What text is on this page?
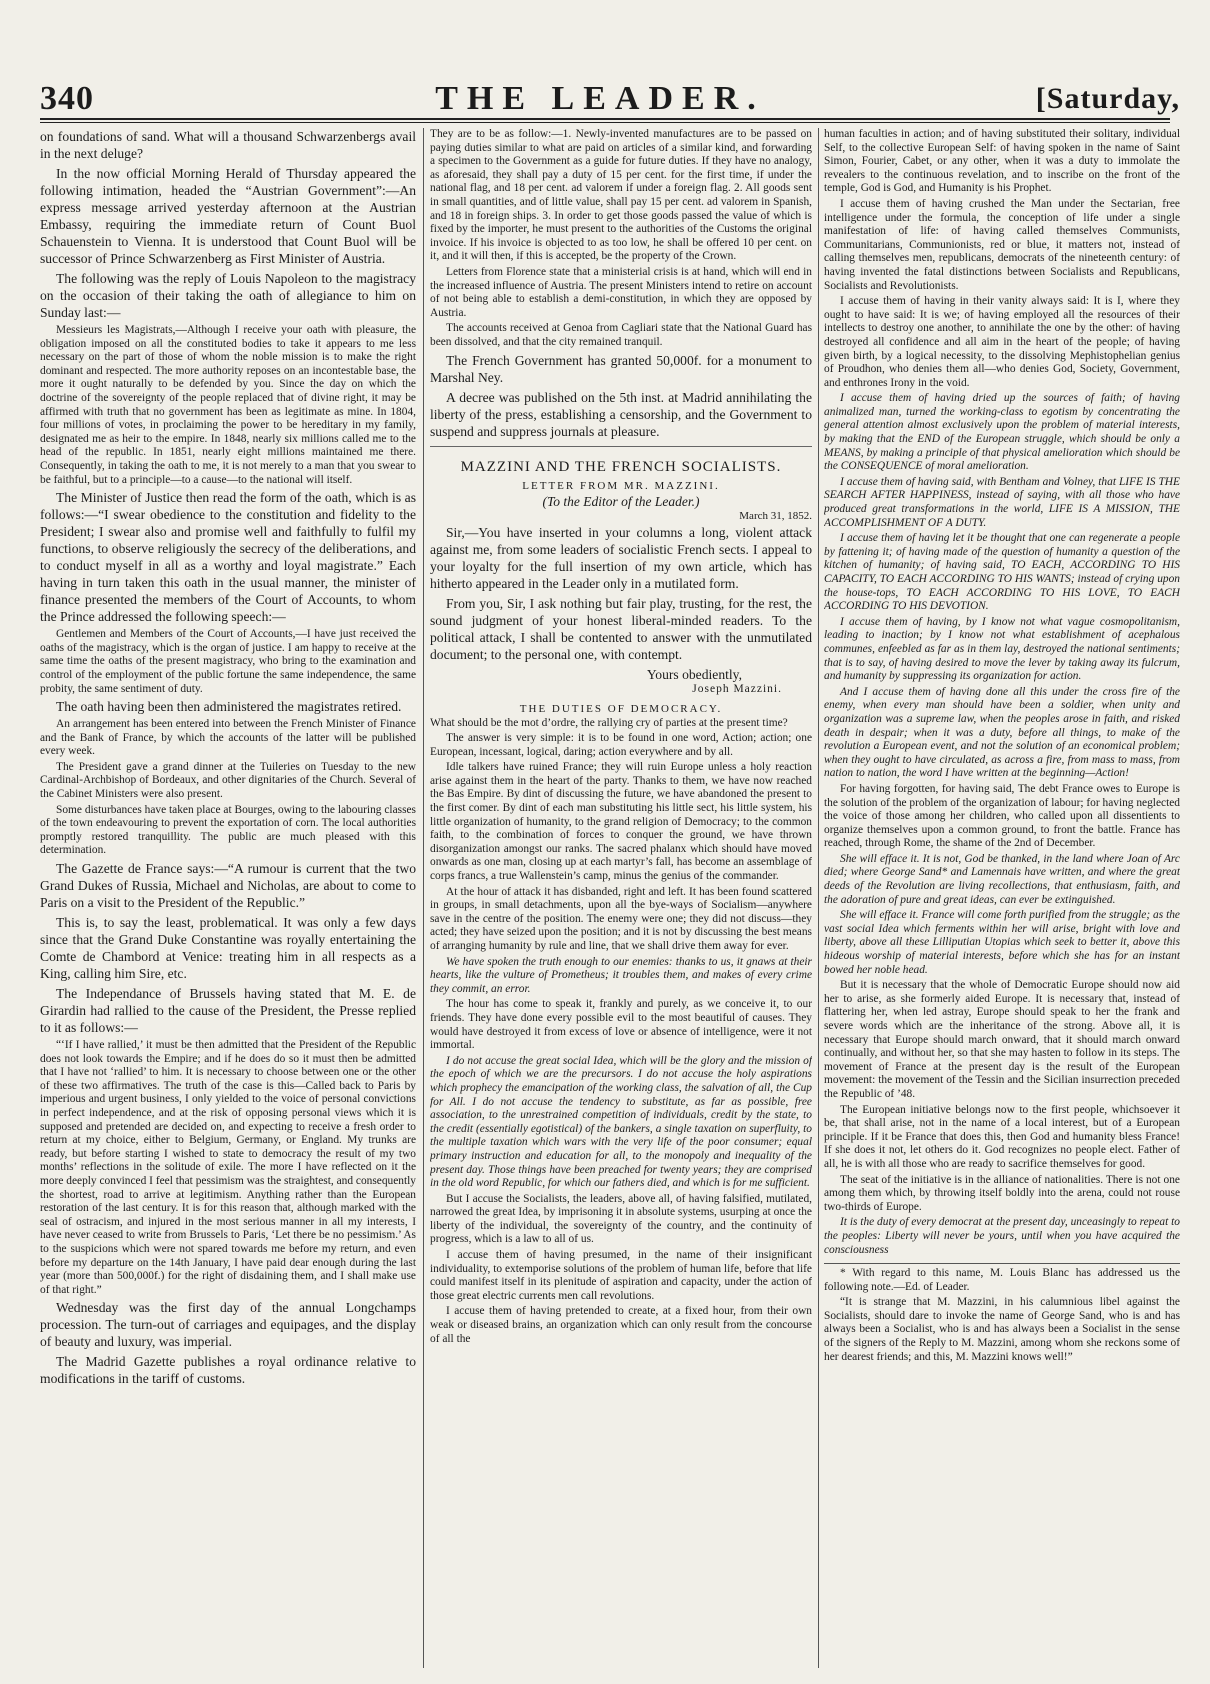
340	THE LEADER.	[Saturday,

on foundations of sand. What will a thousand Schwarzenbergs avail in the next deluge?

In the now official Morning Herald of Thursday appeared the following intimation, headed the “Austrian Government”:—An express message arrived yesterday afternoon at the Austrian Embassy, requiring the immediate return of Count Buol Schauenstein to Vienna. It is understood that Count Buol will be successor of Prince Schwarzenberg as First Minister of Austria.

The following was the reply of Louis Napoleon to the magistracy on the occasion of their taking the oath of allegiance to him on Sunday last:—

Messieurs les Magistrats,—Although I receive your oath with pleasure, the obligation imposed on all the constituted bodies to take it appears to me less necessary on the part of those of whom the noble mission is to make the right dominant and respected. The more authority reposes on an incontestable base, the more it ought naturally to be defended by you. Since the day on which the doctrine of the sovereignty of the people replaced that of divine right, it may be affirmed with truth that no government has been as legitimate as mine. In 1804, four millions of votes, in proclaiming the power to be hereditary in my family, designated me as heir to the empire. In 1848, nearly six millions called me to the head of the republic. In 1851, nearly eight millions maintained me there. Consequently, in taking the oath to me, it is not merely to a man that you swear to be faithful, but to a principle—to a cause—to the national will itself.

The Minister of Justice then read the form of the oath, which is as follows:—“I swear obedience to the constitution and fidelity to the President; I swear also and promise well and faithfully to fulfil my functions, to observe religiously the secrecy of the deliberations, and to conduct myself in all as a worthy and loyal magistrate.” Each having in turn taken this oath in the usual manner, the minister of finance presented the members of the Court of Accounts, to whom the Prince addressed the following speech:—

Gentlemen and Members of the Court of Accounts,—I have just received the oaths of the magistracy, which is the organ of justice. I am happy to receive at the same time the oaths of the present magistracy, who bring to the examination and control of the employment of the public fortune the same independence, the same probity, the same sentiment of duty.

The oath having been then administered the magistrates retired.

An arrangement has been entered into between the French Minister of Finance and the Bank of France, by which the accounts of the latter will be published every week.

The President gave a grand dinner at the Tuileries on Tuesday to the new Cardinal-Archbishop of Bordeaux, and other dignitaries of the Church. Several of the Cabinet Ministers were also present.

Some disturbances have taken place at Bourges, owing to the labouring classes of the town endeavouring to prevent the exportation of corn. The local authorities promptly restored tranquillity. The public are much pleased with this determination.

The Gazette de France says:—“A rumour is current that the two Grand Dukes of Russia, Michael and Nicholas, are about to come to Paris on a visit to the President of the Republic.”

This is, to say the least, problematical. It was only a few days since that the Grand Duke Constantine was royally entertaining the Comte de Chambord at Venice: treating him in all respects as a King, calling him Sire, etc.

The Independance of Brussels having stated that M. E. de Girardin had rallied to the cause of the President, the Presse replied to it as follows:—

“‘If I have rallied,’ it must be then admitted that the President of the Republic does not look towards the Empire; and if he does do so it must then be admitted that I have not ‘rallied’ to him. It is necessary to choose between one or the other of these two affirmatives. The truth of the case is this—Called back to Paris by imperious and urgent business, I only yielded to the voice of personal convictions in perfect independence, and at the risk of opposing personal views which it is supposed and pretended are decided on, and expecting to receive a fresh order to return at my choice, either to Belgium, Germany, or England. My trunks are ready, but before starting I wished to state to democracy the result of my two months’ reflections in the solitude of exile. The more I have reflected on it the more deeply convinced I feel that pessimism was the straightest, and consequently the shortest, road to arrive at legitimism. Anything rather than the European restoration of the last century. It is for this reason that, although marked with the seal of ostracism, and injured in the most serious manner in all my interests, I have never ceased to write from Brussels to Paris, ‘Let there be no pessimism.’ As to the suspicions which were not spared towards me before my return, and even before my departure on the 14th January, I have paid dear enough during the last year (more than 500,000f.) for the right of disdaining them, and I shall make use of that right.”

Wednesday was the first day of the annual Longchamps procession. The turn-out of carriages and equipages, and the display of beauty and luxury, was imperial.

The Madrid Gazette publishes a royal ordinance relative to modifications in the tariff of customs.

They are to be as follow:—1. Newly-invented manufactures are to be passed on paying duties similar to what are paid on articles of a similar kind, and forwarding a specimen to the Government as a guide for future duties. If they have no analogy, as aforesaid, they shall pay a duty of 15 per cent. for the first time, if under the national flag, and 18 per cent. ad valorem if under a foreign flag. 2. All goods sent in small quantities, and of little value, shall pay 15 per cent. ad valorem in Spanish, and 18 in foreign ships. 3. In order to get those goods passed the value of which is fixed by the importer, he must present to the authorities of the Customs the original invoice. If his invoice is objected to as too low, he shall be offered 10 per cent. on it, and it will then, if this is accepted, be the property of the Crown.

Letters from Florence state that a ministerial crisis is at hand, which will end in the increased influence of Austria. The present Ministers intend to retire on account of not being able to establish a demi-constitution, in which they are opposed by Austria.

The accounts received at Genoa from Cagliari state that the National Guard has been dissolved, and that the city remained tranquil.

The French Government has granted 50,000f. for a monument to Marshal Ney.

A decree was published on the 5th inst. at Madrid annihilating the liberty of the press, establishing a censorship, and the Government to suspend and suppress journals at pleasure.

MAZZINI AND THE FRENCH SOCIALISTS.

LETTER FROM MR. MAZZINI.

(To the Editor of the Leader.)

March 31, 1852.

Sir,—You have inserted in your columns a long, violent attack against me, from some leaders of socialistic French sects. I appeal to your loyalty for the full insertion of my own article, which has hitherto appeared in the Leader only in a mutilated form.

From you, Sir, I ask nothing but fair play, trusting, for the rest, the sound judgment of your honest liberal-minded readers. To the political attack, I shall be contented to answer with the unmutilated document; to the personal one, with contempt.

Yours obediently,

Joseph Mazzini.

THE DUTIES OF DEMOCRACY.

What should be the mot d’ordre, the rallying cry of parties at the present time?

The answer is very simple: it is to be found in one word, Action; action; one European, incessant, logical, daring; action everywhere and by all.

Idle talkers have ruined France; they will ruin Europe unless a holy reaction arise against them in the heart of the party. Thanks to them, we have now reached the Bas Empire. By dint of discussing the future, we have abandoned the present to the first comer. By dint of each man substituting his little sect, his little system, his little organization of humanity, to the grand religion of Democracy; to the common faith, to the combination of forces to conquer the ground, we have thrown disorganization amongst our ranks. The sacred phalanx which should have moved onwards as one man, closing up at each martyr’s fall, has become an assemblage of corps francs, a true Wallenstein’s camp, minus the genius of the commander.

At the hour of attack it has disbanded, right and left. It has been found scattered in groups, in small detachments, upon all the bye-ways of Socialism—anywhere save in the centre of the position. The enemy were one; they did not discuss—they acted; they have seized upon the position; and it is not by discussing the best means of arranging humanity by rule and line, that we shall drive them away for ever.

We have spoken the truth enough to our enemies: thanks to us, it gnaws at their hearts, like the vulture of Prometheus; it troubles them, and makes of every crime they commit, an error.

The hour has come to speak it, frankly and purely, as we conceive it, to our friends. They have done every possible evil to the most beautiful of causes. They would have destroyed it from excess of love or absence of intelligence, were it not immortal.

I do not accuse the great social Idea, which will be the glory and the mission of the epoch of which we are the precursors. I do not accuse the holy aspirations which prophecy the emancipation of the working class, the salvation of all, the Cup for All. I do not accuse the tendency to substitute, as far as possible, free association, to the unrestrained competition of individuals, credit by the state, to the credit (essentially egotistical) of the bankers, a single taxation on superfluity, to the multiple taxation which wars with the very life of the poor consumer; equal primary instruction and education for all, to the monopoly and inequality of the present day. Those things have been preached for twenty years; they are comprised in the old word Republic, for which our fathers died, and which is for me sufficient.

But I accuse the Socialists, the leaders, above all, of having falsified, mutilated, narrowed the great Idea, by imprisoning it in absolute systems, usurping at once the liberty of the individual, the sovereignty of the country, and the continuity of progress, which is a law to all of us.

I accuse them of having presumed, in the name of their insignificant individuality, to extemporise solutions of the problem of human life, before that life could manifest itself in its plenitude of aspiration and capacity, under the action of those great electric currents men call revolutions.

I accuse them of having pretended to create, at a fixed hour, from their own weak or diseased brains, an organization which can only result from the concourse of all the

human faculties in action; and of having substituted their solitary, individual Self, to the collective European Self: of having spoken in the name of Saint Simon, Fourier, Cabet, or any other, when it was a duty to immolate the revealers to the continuous revelation, and to inscribe on the front of the temple, God is God, and Humanity is his Prophet.

I accuse them of having crushed the Man under the Sectarian, free intelligence under the formula, the conception of life under a single manifestation of life: of having called themselves Communists, Communitarians, Communionists, red or blue, it matters not, instead of calling themselves men, republicans, democrats of the nineteenth century: of having invented the fatal distinctions between Socialists and Republicans, Socialists and Revolutionists.

I accuse them of having in their vanity always said: It is I, where they ought to have said: It is we; of having employed all the resources of their intellects to destroy one another, to annihilate the one by the other: of having destroyed all confidence and all aim in the heart of the people; of having given birth, by a logical necessity, to the dissolving Mephistophelian genius of Proudhon, who denies them all—who denies God, Society, Government, and enthrones Irony in the void.

I accuse them of having dried up the sources of faith; of having animalized man, turned the working-class to egotism by concentrating the general attention almost exclusively upon the problem of material interests, by making that the END of the European struggle, which should be only a MEANS, by making a principle of that physical amelioration which should be the CONSEQUENCE of moral amelioration.

I accuse them of having said, with Bentham and Volney, that LIFE IS THE SEARCH AFTER HAPPINESS, instead of saying, with all those who have produced great transformations in the world, LIFE IS A MISSION, THE ACCOMPLISHMENT OF A DUTY.

I accuse them of having let it be thought that one can regenerate a people by fattening it; of having made of the question of humanity a question of the kitchen of humanity; of having said, TO EACH, ACCORDING TO HIS CAPACITY, TO EACH ACCORDING TO HIS WANTS; instead of crying upon the house-tops, TO EACH ACCORDING TO HIS LOVE, TO EACH ACCORDING TO HIS DEVOTION.

I accuse them of having, by I know not what vague cosmopolitanism, leading to inaction; by I know not what establishment of acephalous communes, enfeebled as far as in them lay, destroyed the national sentiments; that is to say, of having desired to move the lever by taking away its fulcrum, and humanity by suppressing its organization for action.

And I accuse them of having done all this under the cross fire of the enemy, when every man should have been a soldier, when unity and organization was a supreme law, when the peoples arose in faith, and risked death in despair; when it was a duty, before all things, to make of the revolution a European event, and not the solution of an economical problem; when they ought to have circulated, as across a fire, from mass to mass, from nation to nation, the word I have written at the beginning—Action!

For having forgotten, for having said, The debt France owes to Europe is the solution of the problem of the organization of labour; for having neglected the voice of those among her children, who called upon all dissentients to organize themselves upon a common ground, to front the battle. France has reached, through Rome, the shame of the 2nd of December.

She will efface it. It is not, God be thanked, in the land where Joan of Arc died; where George Sand* and Lamennais have written, and where the great deeds of the Revolution are living recollections, that enthusiasm, faith, and the adoration of pure and great ideas, can ever be extinguished.

She will efface it. France will come forth purified from the struggle; as the vast social Idea which ferments within her will arise, bright with love and liberty, above all these Lilliputian Utopias which seek to better it, above this hideous worship of material interests, before which she has for an instant bowed her noble head.

But it is necessary that the whole of Democratic Europe should now aid her to arise, as she formerly aided Europe. It is necessary that, instead of flattering her, when led astray, Europe should speak to her the frank and severe words which are the inheritance of the strong. Above all, it is necessary that Europe should march onward, that it should march onward continually, and without her, so that she may hasten to follow in its steps. The movement of France at the present day is the result of the European movement: the movement of the Tessin and the Sicilian insurrection preceded the Republic of ’48.

The European initiative belongs now to the first people, whichsoever it be, that shall arise, not in the name of a local interest, but of a European principle. If it be France that does this, then God and humanity bless France! If she does it not, let others do it. God recognizes no people elect. Father of all, he is with all those who are ready to sacrifice themselves for good.

The seat of the initiative is in the alliance of nationalities. There is not one among them which, by throwing itself boldly into the arena, could not rouse two-thirds of Europe.

It is the duty of every democrat at the present day, unceasingly to repeat to the peoples: Liberty will never be yours, until when you have acquired the consciousness

* With regard to this name, M. Louis Blanc has addressed us the following note.—Ed. of Leader.

“It is strange that M. Mazzini, in his calumnious libel against the Socialists, should dare to invoke the name of George Sand, who is and has always been a Socialist, who is and has always been a Socialist in the sense of the signers of the Reply to M. Mazzini, among whom she reckons some of her dearest friends; and this, M. Mazzini knows well!”
